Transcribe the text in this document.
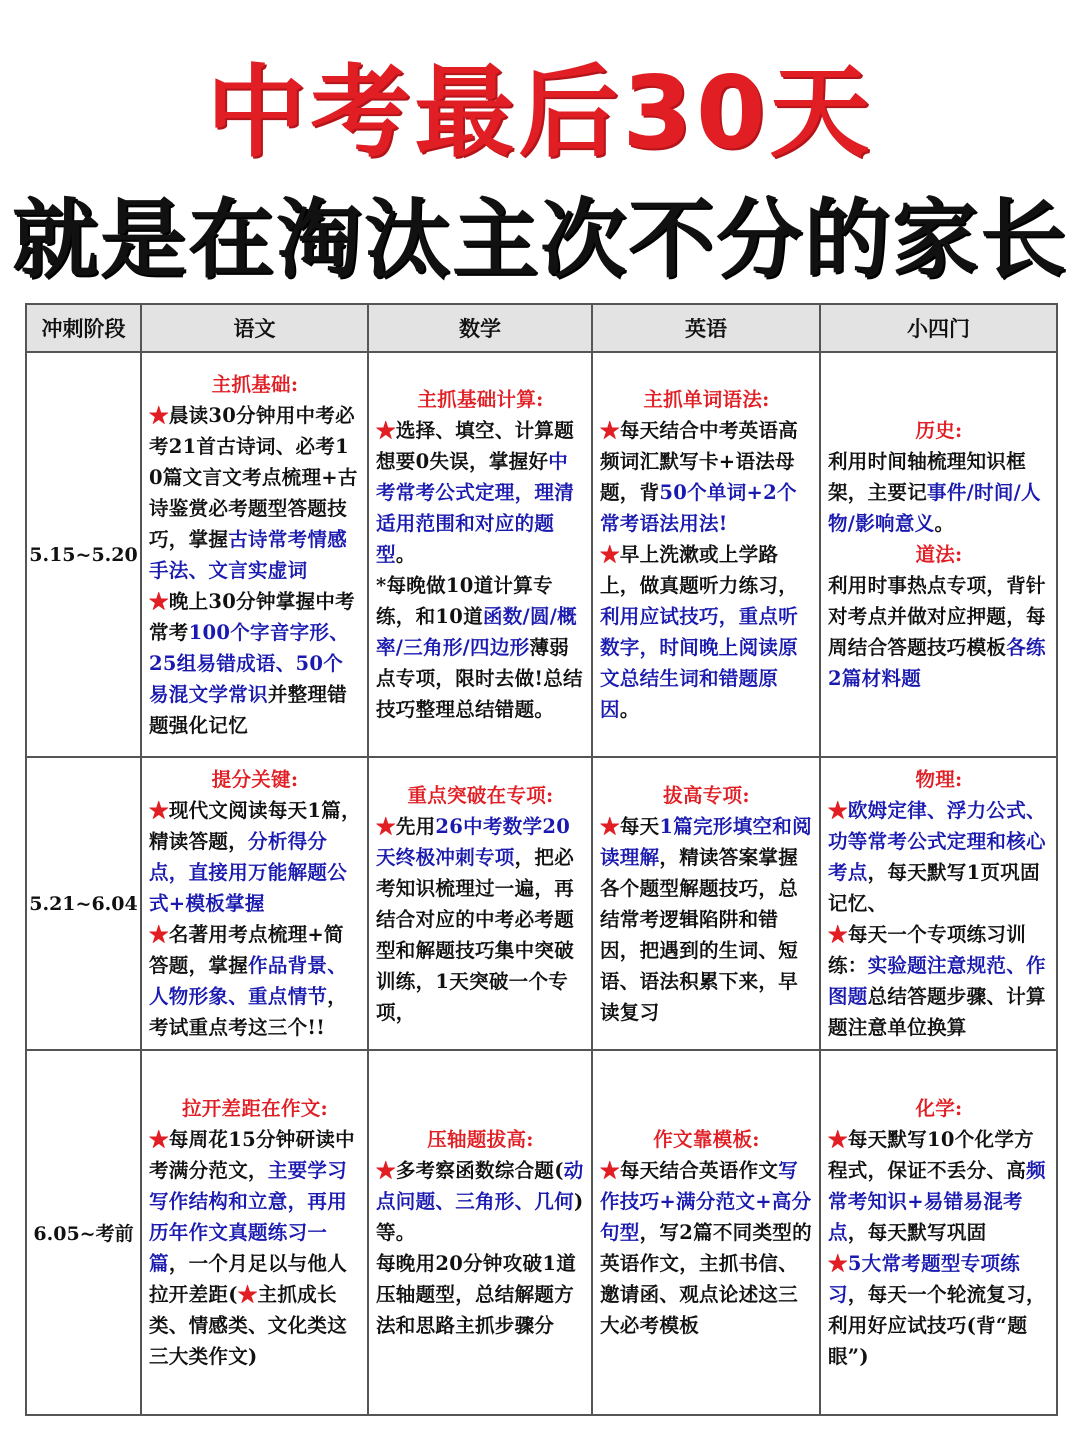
中考最后30天
就是在淘汰主次不分的家长
冲刺阶段	语文	数学	英语	小四门
5.15~5.20	主抓基础:
★晨读30分钟用中考必考21首古诗词、必考10篇文言文考点梳理+古诗鉴赏必考题型答题技巧，掌握古诗常考情感手法、文言实虚词
★晚上30分钟掌握中考常考100个字音字形、25组易错成语、50个易混文学常识并整理错题强化记忆	主抓基础计算:
★选择、填空、计算题想要0失误，掌握好中考常考公式定理，理清适用范围和对应的题型。
*每晚做10道计算专练，和10道函数/圆/概率/三角形/四边形薄弱点专项，限时去做!总结技巧整理总结错题。	主抓单词语法:
★每天结合中考英语高频词汇默写卡+语法母题，背50个单词+2个常考语法用法!
★早上洗漱或上学路上，做真题听力练习，利用应试技巧，重点听数字，时间晚上阅读原文总结生词和错题原因。	历史:
利用时间轴梳理知识框架，主要记事件/时间/人物/影响意义。
道法:
利用时事热点专项，背针对考点并做对应押题，每周结合答题技巧模板各练2篇材料题

5.21~6.04	提分关键:
★现代文阅读每天1篇，精读答题，分析得分点，直接用万能解题公式+模板掌握
★名著用考点梳理+简答题，掌握作品背景、人物形象、重点情节，考试重点考这三个!!	重点突破在专项:
★先用26中考数学20天终极冲刺专项，把必考知识梳理过一遍，再结合对应的中考必考题型和解题技巧集中突破训练，1天突破一个专项，	拔高专项:
★每天1篇完形填空和阅读理解，精读答案掌握各个题型解题技巧，总结常考逻辑陷阱和错因，把遇到的生词、短语、语法积累下来，早读复习	物理:
★欧姆定律、浮力公式、功等常考公式定理和核心考点，每天默写1页巩固记忆、
★每天一个专项练习训练：实验题注意规范、作图题总结答题步骤、计算题注意单位换算

6.05~考前	拉开差距在作文:
★每周花15分钟研读中考满分范文，主要学习写作结构和立意，再用历年作文真题练习一篇，一个月足以与他人拉开差距(★主抓成长类、情感类、文化类这三大类作文)	压轴题拔高:
★多考察函数综合题(动点问题、三角形、几何)等。
每晚用20分钟攻破1道压轴题型，总结解题方法和思路主抓步骤分	作文靠模板:
★每天结合英语作文写作技巧+满分范文+高分句型，写2篇不同类型的英语作文，主抓书信、邀请函、观点论述这三大必考模板	化学:
★每天默写10个化学方程式，保证不丢分、高频常考知识+易错易混考点，每天默写巩固
★5大常考题型专项练习，每天一个轮流复习，利用好应试技巧(背“题眼”)
